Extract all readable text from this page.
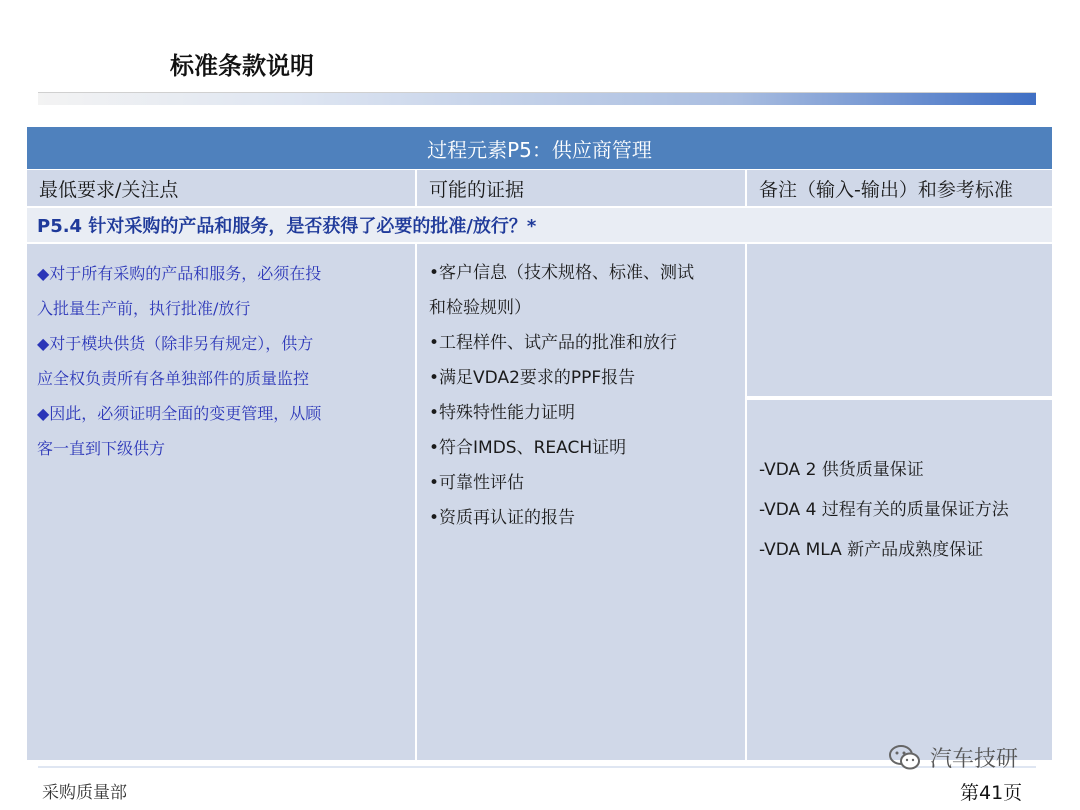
标准条款说明
过程元素P5：供应商管理
最低要求/关注点	可能的证据	备注（输入-输出）和参考标准
P5.4 针对采购的产品和服务，是否获得了必要的批准/放行？*

◆对于所有采购的产品和服务，必须在投

入批量生产前，执行批准/放行

◆对于模块供货（除非另有规定），供方

应全权负责所有各单独部件的质量监控

◆因此，必须证明全面的变更管理，从顾

客一直到下级供方

•客户信息（技术规格、标准、测试

和检验规则）

•工程样件、试产品的批准和放行

•满足VDA2要求的PPF报告

•特殊特性能力证明

•符合IMDS、REACH证明

•可靠性评估

•资质再认证的报告

-VDA 2 供货质量保证

-VDA 4 过程有关的质量保证方法

-VDA MLA 新产品成熟度保证

采购质量部
汽车技研
第41页
